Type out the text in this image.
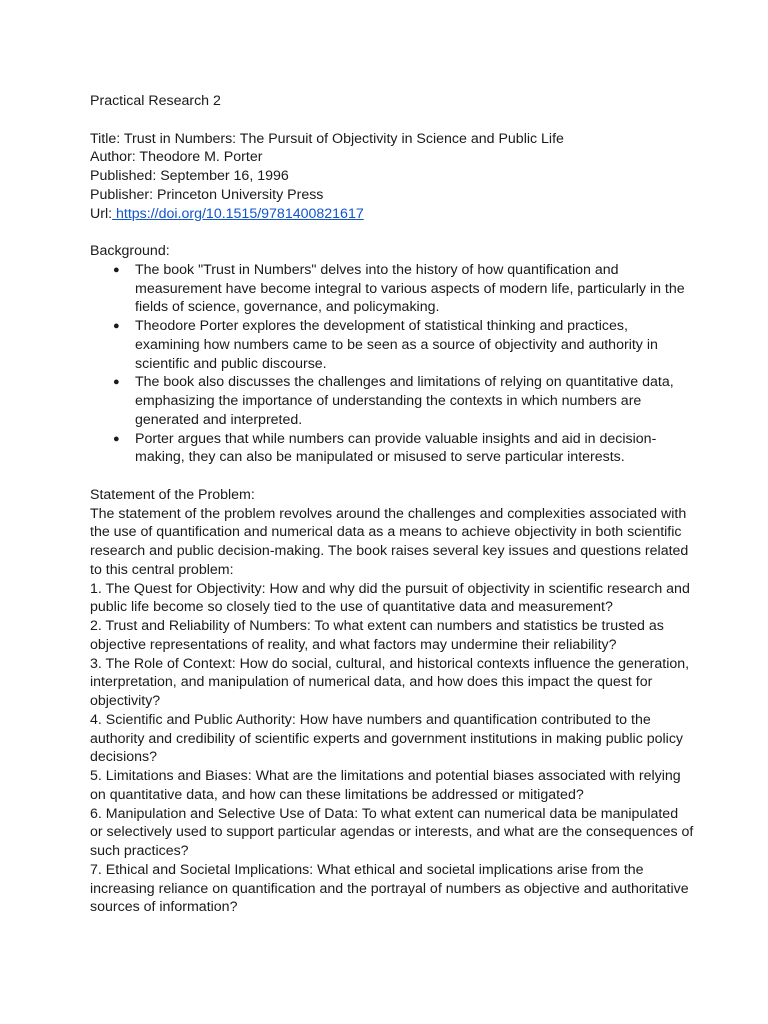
Practical Research 2
Title: Trust in Numbers: The Pursuit of Objectivity in Science and Public Life
Author: Theodore M. Porter
Published: September 16, 1996
Publisher: Princeton University Press
Url: https://doi.org/10.1515/9781400821617
Background:
● The book "Trust in Numbers" delves into the history of how quantification and
measurement have become integral to various aspects of modern life, particularly in the
fields of science, governance, and policymaking.
● Theodore Porter explores the development of statistical thinking and practices,
examining how numbers came to be seen as a source of objectivity and authority in
scientific and public discourse.
● The book also discusses the challenges and limitations of relying on quantitative data,
emphasizing the importance of understanding the contexts in which numbers are
generated and interpreted.
● Porter argues that while numbers can provide valuable insights and aid in decision-
making, they can also be manipulated or misused to serve particular interests.
Statement of the Problem:
The statement of the problem revolves around the challenges and complexities associated with
the use of quantification and numerical data as a means to achieve objectivity in both scientific
research and public decision-making. The book raises several key issues and questions related
to this central problem:
1. The Quest for Objectivity: How and why did the pursuit of objectivity in scientific research and
public life become so closely tied to the use of quantitative data and measurement?
2. Trust and Reliability of Numbers: To what extent can numbers and statistics be trusted as
objective representations of reality, and what factors may undermine their reliability?
3. The Role of Context: How do social, cultural, and historical contexts influence the generation,
interpretation, and manipulation of numerical data, and how does this impact the quest for
objectivity?
4. Scientific and Public Authority: How have numbers and quantification contributed to the
authority and credibility of scientific experts and government institutions in making public policy
decisions?
5. Limitations and Biases: What are the limitations and potential biases associated with relying
on quantitative data, and how can these limitations be addressed or mitigated?
6. Manipulation and Selective Use of Data: To what extent can numerical data be manipulated
or selectively used to support particular agendas or interests, and what are the consequences of
such practices?
7. Ethical and Societal Implications: What ethical and societal implications arise from the
increasing reliance on quantification and the portrayal of numbers as objective and authoritative
sources of information?
